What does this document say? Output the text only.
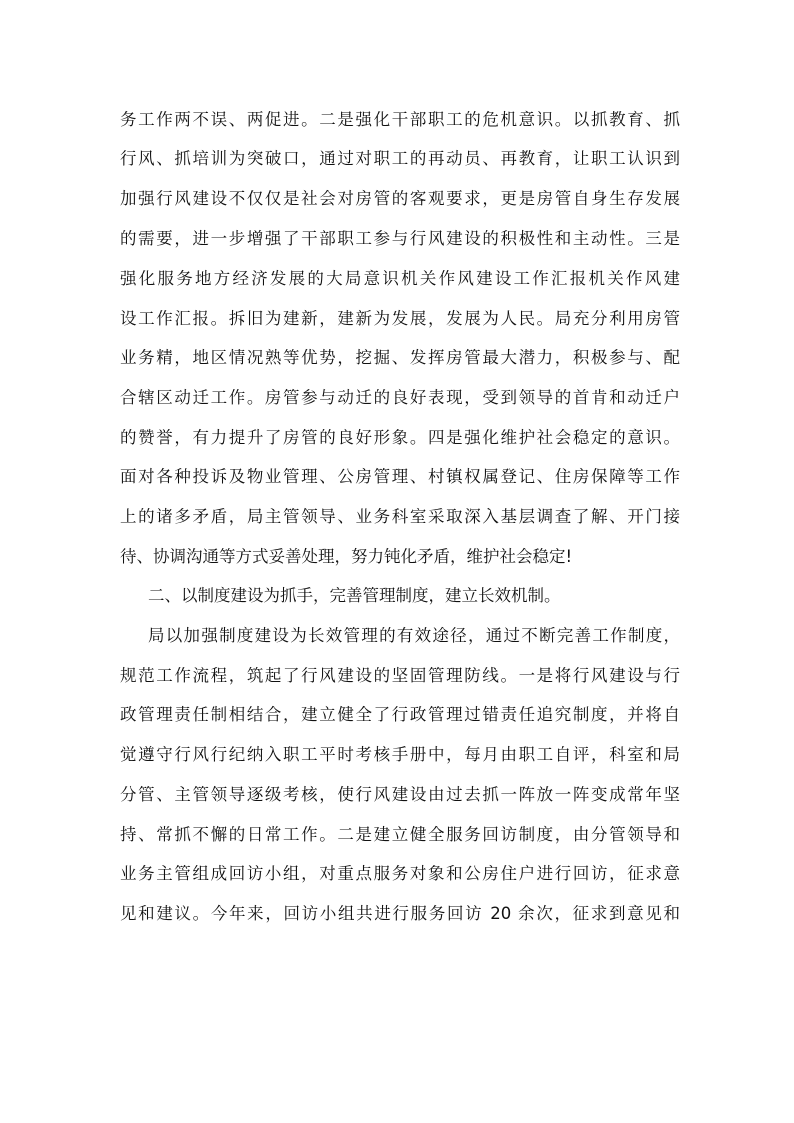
务工作两不误、两促进。二是强化干部职工的危机意识。以抓教育、抓
行风、抓培训为突破口，通过对职工的再动员、再教育，让职工认识到
加强行风建设不仅仅是社会对房管的客观要求，更是房管自身生存发展
的需要，进一步增强了干部职工参与行风建设的积极性和主动性。三是
强化服务地方经济发展的大局意识机关作风建设工作汇报机关作风建
设工作汇报。拆旧为建新，建新为发展，发展为人民。局充分利用房管
业务精，地区情况熟等优势，挖掘、发挥房管最大潜力，积极参与、配
合辖区动迁工作。房管参与动迁的良好表现，受到领导的首肯和动迁户
的赞誉，有力提升了房管的良好形象。四是强化维护社会稳定的意识。
面对各种投诉及物业管理、公房管理、村镇权属登记、住房保障等工作
上的诸多矛盾，局主管领导、业务科室采取深入基层调查了解、开门接
待、协调沟通等方式妥善处理，努力钝化矛盾，维护社会稳定!
二、以制度建设为抓手，完善管理制度，建立长效机制。
局以加强制度建设为长效管理的有效途径，通过不断完善工作制度，
规范工作流程，筑起了行风建设的坚固管理防线。一是将行风建设与行
政管理责任制相结合，建立健全了行政管理过错责任追究制度，并将自
觉遵守行风行纪纳入职工平时考核手册中，每月由职工自评，科室和局
分管、主管领导逐级考核，使行风建设由过去抓一阵放一阵变成常年坚
持、常抓不懈的日常工作。二是建立健全服务回访制度，由分管领导和
业务主管组成回访小组，对重点服务对象和公房住户进行回访，征求意
见和建议。今年来，回访小组共进行服务回访 20 余次，征求到意见和
